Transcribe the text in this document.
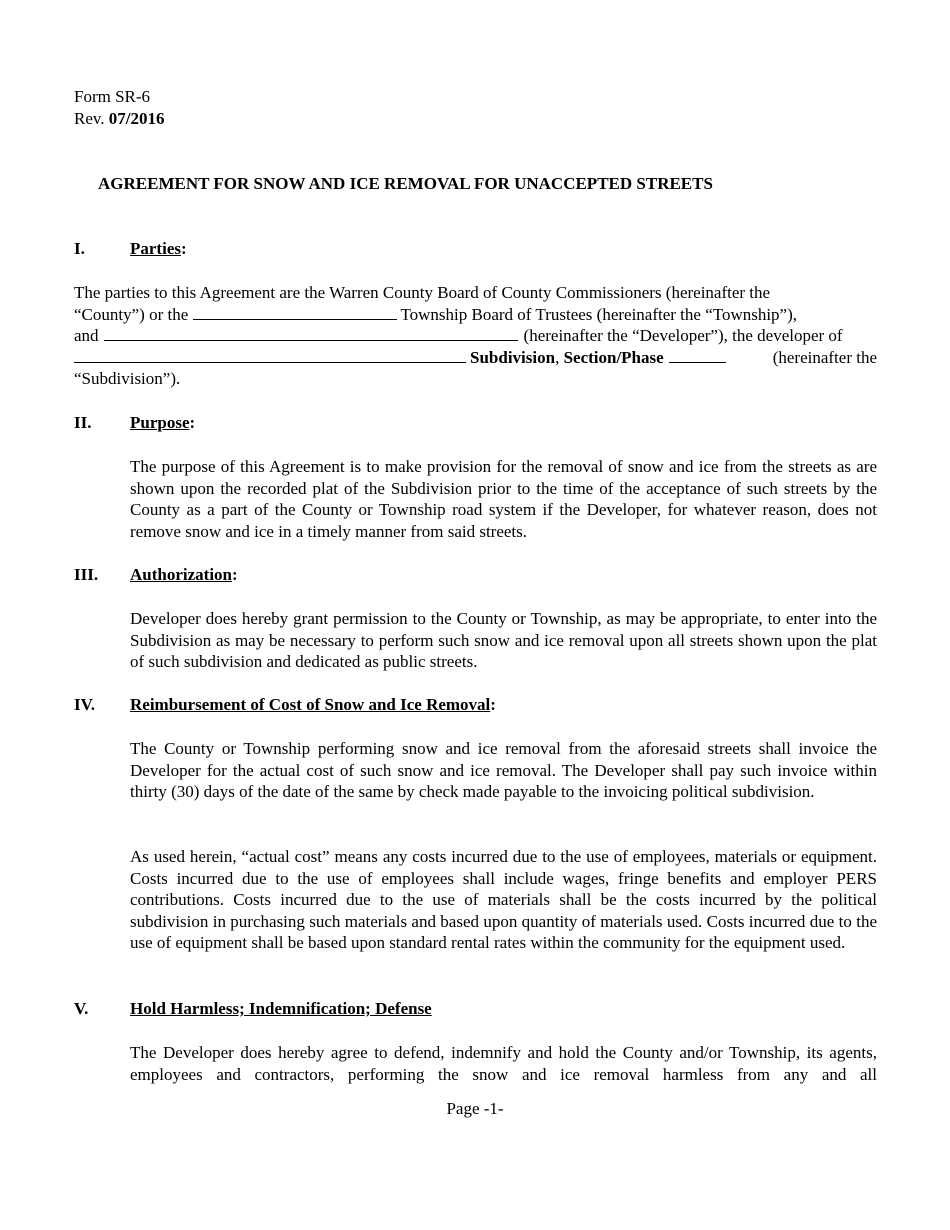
Form SR-6
Rev. 07/2016
AGREEMENT FOR SNOW AND ICE REMOVAL FOR UNACCEPTED STREETS
I.	Parties:
The parties to this Agreement are the Warren County Board of County Commissioners (hereinafter the
“County”) or the	Township Board of Trustees (hereinafter the “Township”),
and	(hereinafter the “Developer”), the developer of
Subdivision ,
Section/Phase	(hereinafter the
“Subdivision”).
II. Purpose:
The purpose of this Agreement is to make provision for the removal of snow and ice from the streets as are shown upon the recorded plat of the Subdivision prior to the time of the acceptance of such streets by the County as a part of the County or Township road system if the Developer, for whatever reason, does not remove snow and ice in a timely manner from said streets.
III. Authorization:
Developer does hereby grant permission to the County or Township, as may be appropriate, to enter into the Subdivision as may be necessary to perform such snow and ice removal upon all streets shown upon the plat of such subdivision and dedicated as public streets.
IV. Reimbursement of Cost of Snow and Ice Removal:
The County or Township performing snow and ice removal from the aforesaid streets shall invoice the Developer for the actual cost of such snow and ice removal. The Developer shall pay such invoice within thirty (30) days of the date of the same by check made payable to the invoicing political subdivision.
As used herein, “actual cost” means any costs incurred due to the use of employees, materials or equipment. Costs incurred due to the use of employees shall include wages, fringe benefits and employer PERS contributions. Costs incurred due to the use of materials shall be the costs incurred by the political subdivision in purchasing such materials and based upon quantity of materials used. Costs incurred due to the use of equipment shall be based upon standard rental rates within the community for the equipment used.
V. Hold Harmless; Indemnification; Defense
The Developer does hereby agree to defend, indemnify and hold the County and/or Township, its agents, employees and contractors, performing the snow and ice removal harmless from any and all
Page -1-
